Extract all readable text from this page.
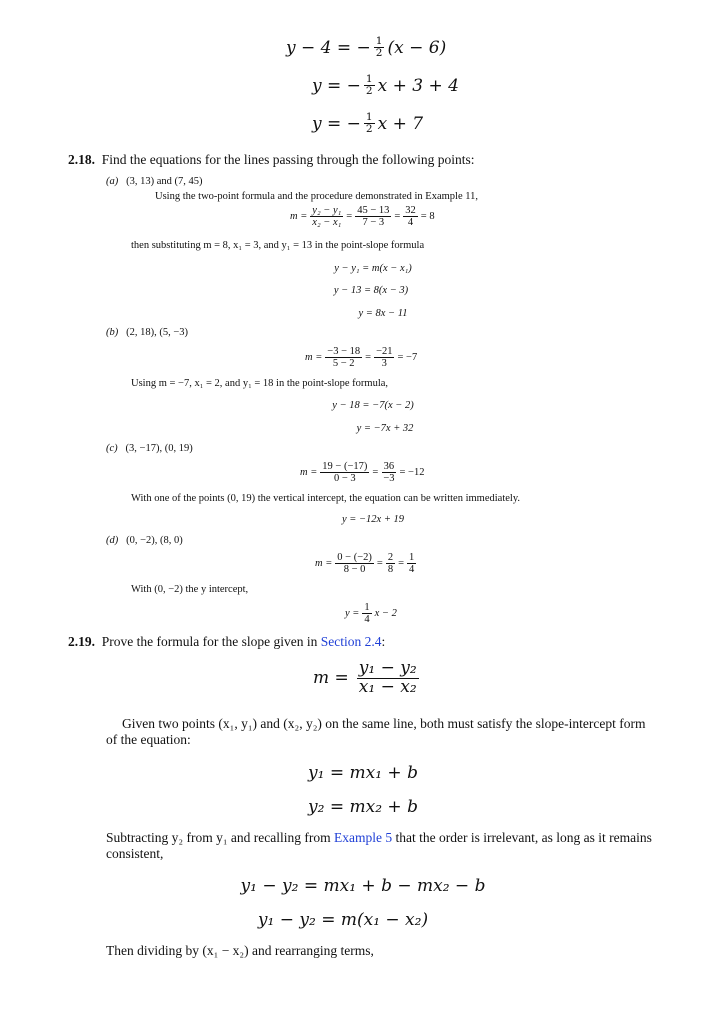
y − 4 =
− $\frac{1}{2} (x - 6)$
y =
− $\frac{1}{2}$ x + 3 + 4
y =
− $\frac{1}{2}$ x + 7
2.18. Find the equations for the lines passing through the following points:
(a) (3, 13) and (7, 45)
Using the two-point formula and the procedure demonstrated in Example 11,
$m = \frac{\text{y₂ − y₁}}{\text{x₂ − x₁}} = \frac{45 - 13}{7 - 3} = \frac{32}{4} = 8$
then substituting m = 8, x₁ = 3, and y₁ = 13 in the point-slope formula
y − y₁ = m(x − x₁)
y − 13 = 8(x − 3)
y = 8x − 11
(b) (2, 18), (5, −3)
$m = \frac{-3 - 18}{5 - 2} = \frac{-21}{3} = -7$
Using m = −7, x₁ = 2, and y₁ = 18 in the point-slope formula,
y − 18 = −7(x − 2)
y = −7x + 32
(c) (3, −17), (0, 19)
$m = \frac{19 - (-17)}{0 - 3} = \frac{36}{-3} = -12$
With one of the points (0, 19) the vertical intercept, the equation can be written immediately.
y = −12x + 19
(d) (0, −2), (8, 0)
$m = \frac{0 - (-2)}{8 - 0} = \frac{2}{8} = \frac{1}{4}$
With (0, −2) the y intercept,
$y = \frac{1}{4}$ x − 2
2.19. Prove the formula for the slope given in Section 2.4:
$m = \frac{\text{y₁ − y₂}}{\text{x₁ − x₂}}$
Given two points (x₁, y₁) and (x₂, y₂) on the same line, both must satisfy the slope-intercept form
of the equation:
y₁ = mx₁ + b
y₂ = mx₂ + b
Subtracting y₂ from y₁ and recalling from Example 5 that the order is irrelevant, as long as it remains
consistent,
y₁ − y₂ = mx₁ + b − mx₂ − b
y₁ − y₂ = m(x₁ − x₂)
Then dividing by (x₁ − x₂) and rearranging terms,
